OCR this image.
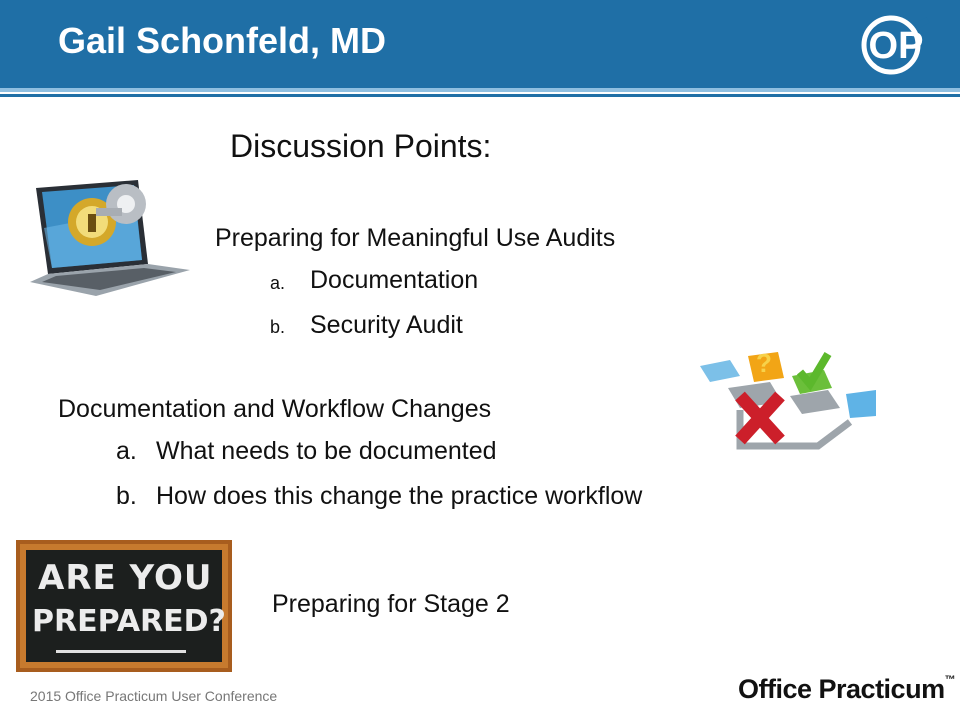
Gail Schonfeld, MD	OP
?
ARE YOU
PREPARED?
Discussion Points:
Preparing for Meaningful Use Audits
a. Documentation
b. Security Audit
Documentation and Workflow Changes
a. What needs to be documented
b. How does this change the practice workflow
Preparing for Stage 2
2015 Office Practicum User Conference	Office Practicum™
